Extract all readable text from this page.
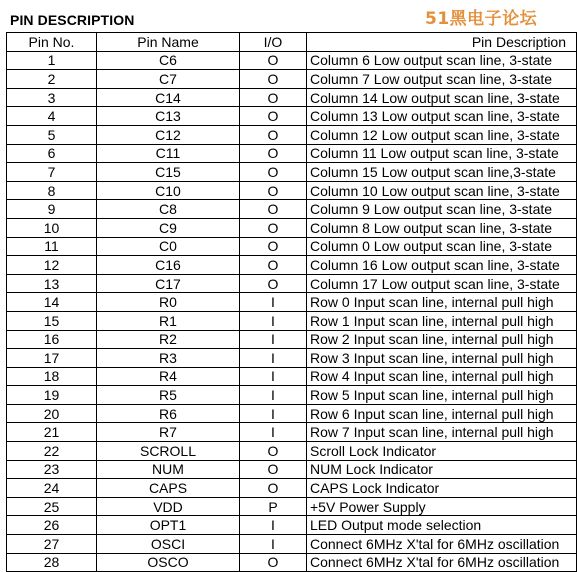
PIN DESCRIPTION	51黑电子论坛
Pin No.	Pin Name	I/O	Pin Description
1	C6	O	Column 6 Low output scan line, 3-state
2	C7	O	Column 7 Low output scan line, 3-state
3	C14	O	Column 14 Low output scan line, 3-state
4	C13	O	Column 13 Low output scan line, 3-state
5	C12	O	Column 12 Low output scan line, 3-state
6	C11	O	Column 11 Low output scan line, 3-state
7	C15	O	Column 15 Low output scan line,3-state
8	C10	O	Column 10 Low output scan line, 3-state
9	C8	O	Column 9 Low output scan line, 3-state
10	C9	O	Column 8 Low output scan line, 3-state
11	C0	O	Column 0 Low output scan line, 3-state
12	C16	O	Column 16 Low output scan line, 3-state
13	C17	O	Column 17 Low output scan line, 3-state
14	R0	I	Row 0 Input scan line, internal pull high
15	R1	I	Row 1 Input scan line, internal pull high
16	R2	I	Row 2 Input scan line, internal pull high
17	R3	I	Row 3 Input scan line, internal pull high
18	R4	I	Row 4 Input scan line, internal pull high
19	R5	I	Row 5 Input scan line, internal pull high
20	R6	I	Row 6 Input scan line, internal pull high
21	R7	I	Row 7 Input scan line, internal pull high
22	SCROLL	O	Scroll Lock Indicator
23	NUM	O	NUM Lock Indicator
24	CAPS	O	CAPS Lock Indicator
25	VDD	P	+5V Power Supply
26	OPT1	I	LED Output mode selection
27	OSCI	I	Connect 6MHz X'tal for 6MHz oscillation
28	OSCO	O	Connect 6MHz X'tal for 6MHz oscillation
